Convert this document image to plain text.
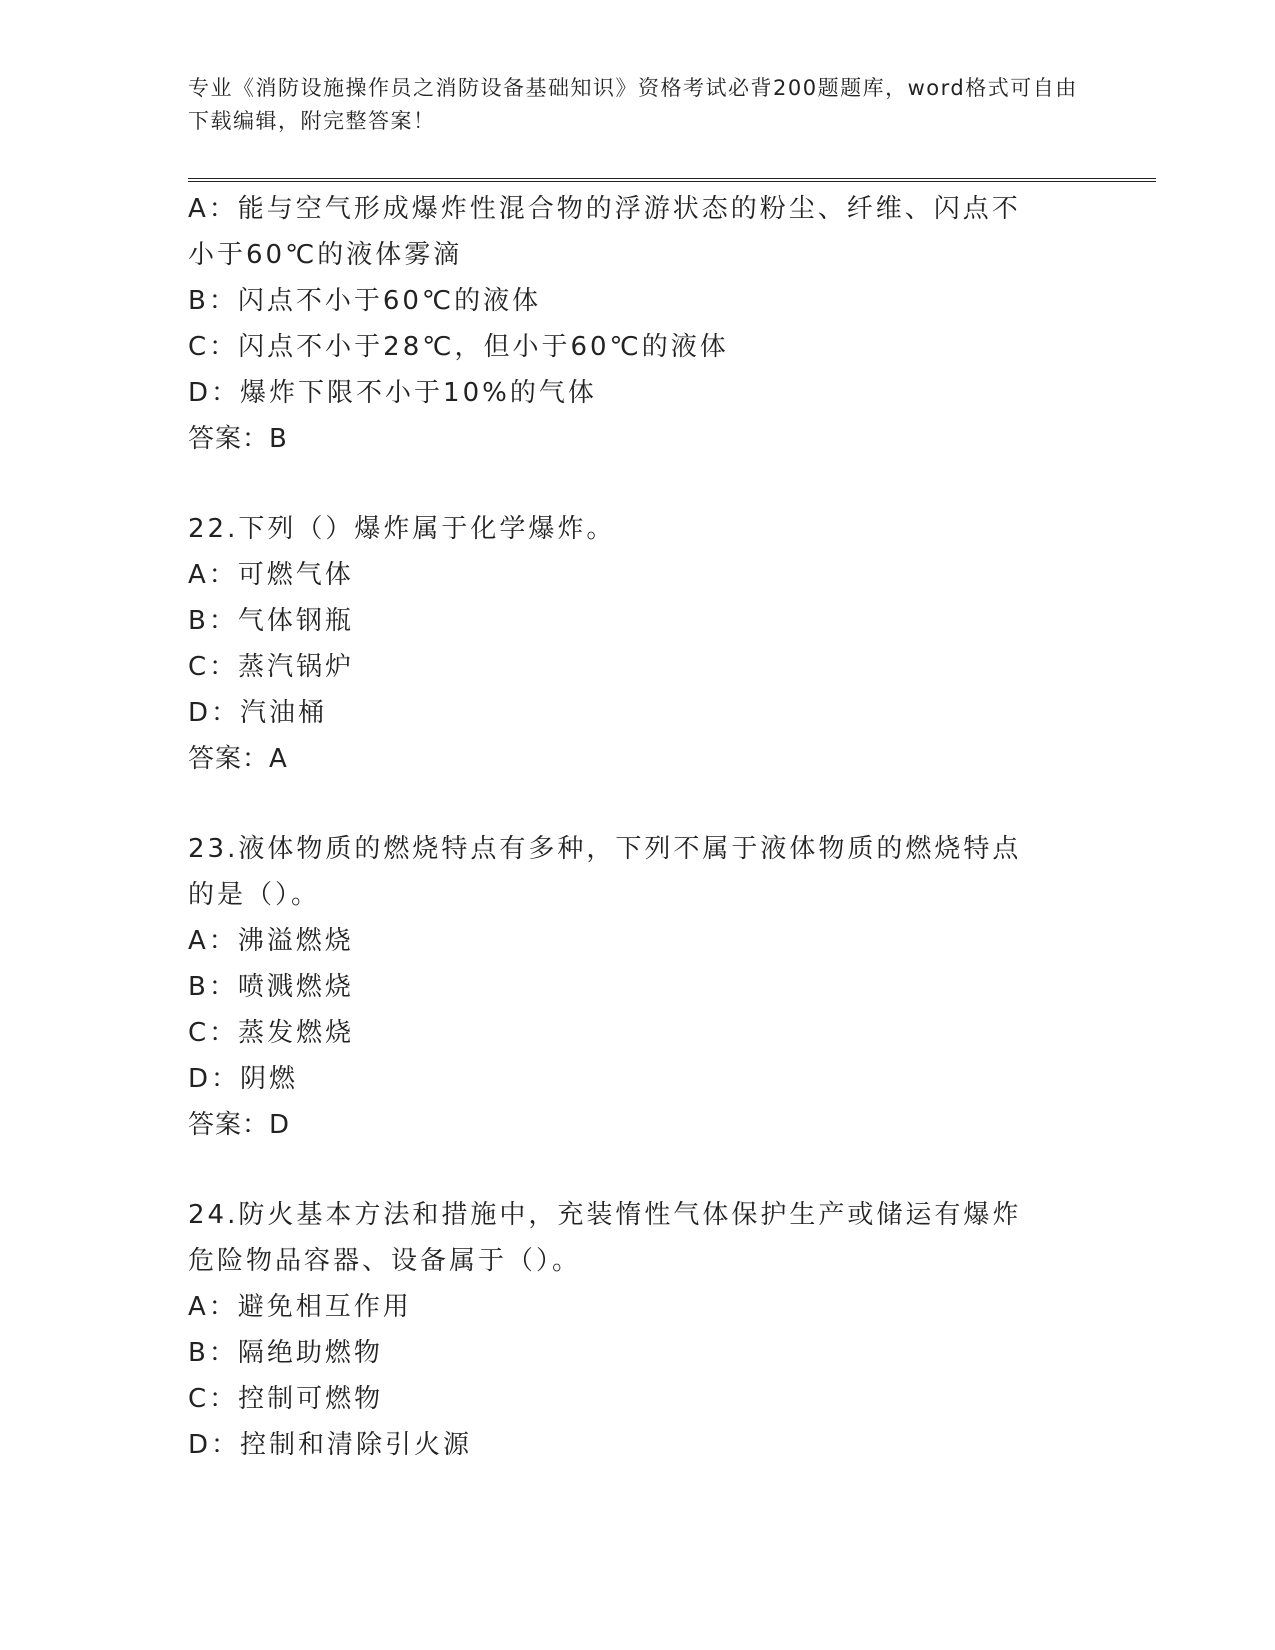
专业《消防设施操作员之消防设备基础知识》资格考试必背200题题库，word格式可自由下载编辑，附完整答案！
A：能与空气形成爆炸性混合物的浮游状态的粉尘、纤维、闪点不小于60℃的液体雾滴
B：闪点不小于60℃的液体
C：闪点不小于28℃，但小于60℃的液体
D：爆炸下限不小于10%的气体
答案：B
22.下列（）爆炸属于化学爆炸。
A：可燃气体
B：气体钢瓶
C：蒸汽锅炉
D：汽油桶
答案：A
23.液体物质的燃烧特点有多种，下列不属于液体物质的燃烧特点的是（）。
A：沸溢燃烧
B：喷溅燃烧
C：蒸发燃烧
D：阴燃
答案：D
24.防火基本方法和措施中，充装惰性气体保护生产或储运有爆炸危险物品容器、设备属于（）。
A：避免相互作用
B：隔绝助燃物
C：控制可燃物
D：控制和清除引火源
